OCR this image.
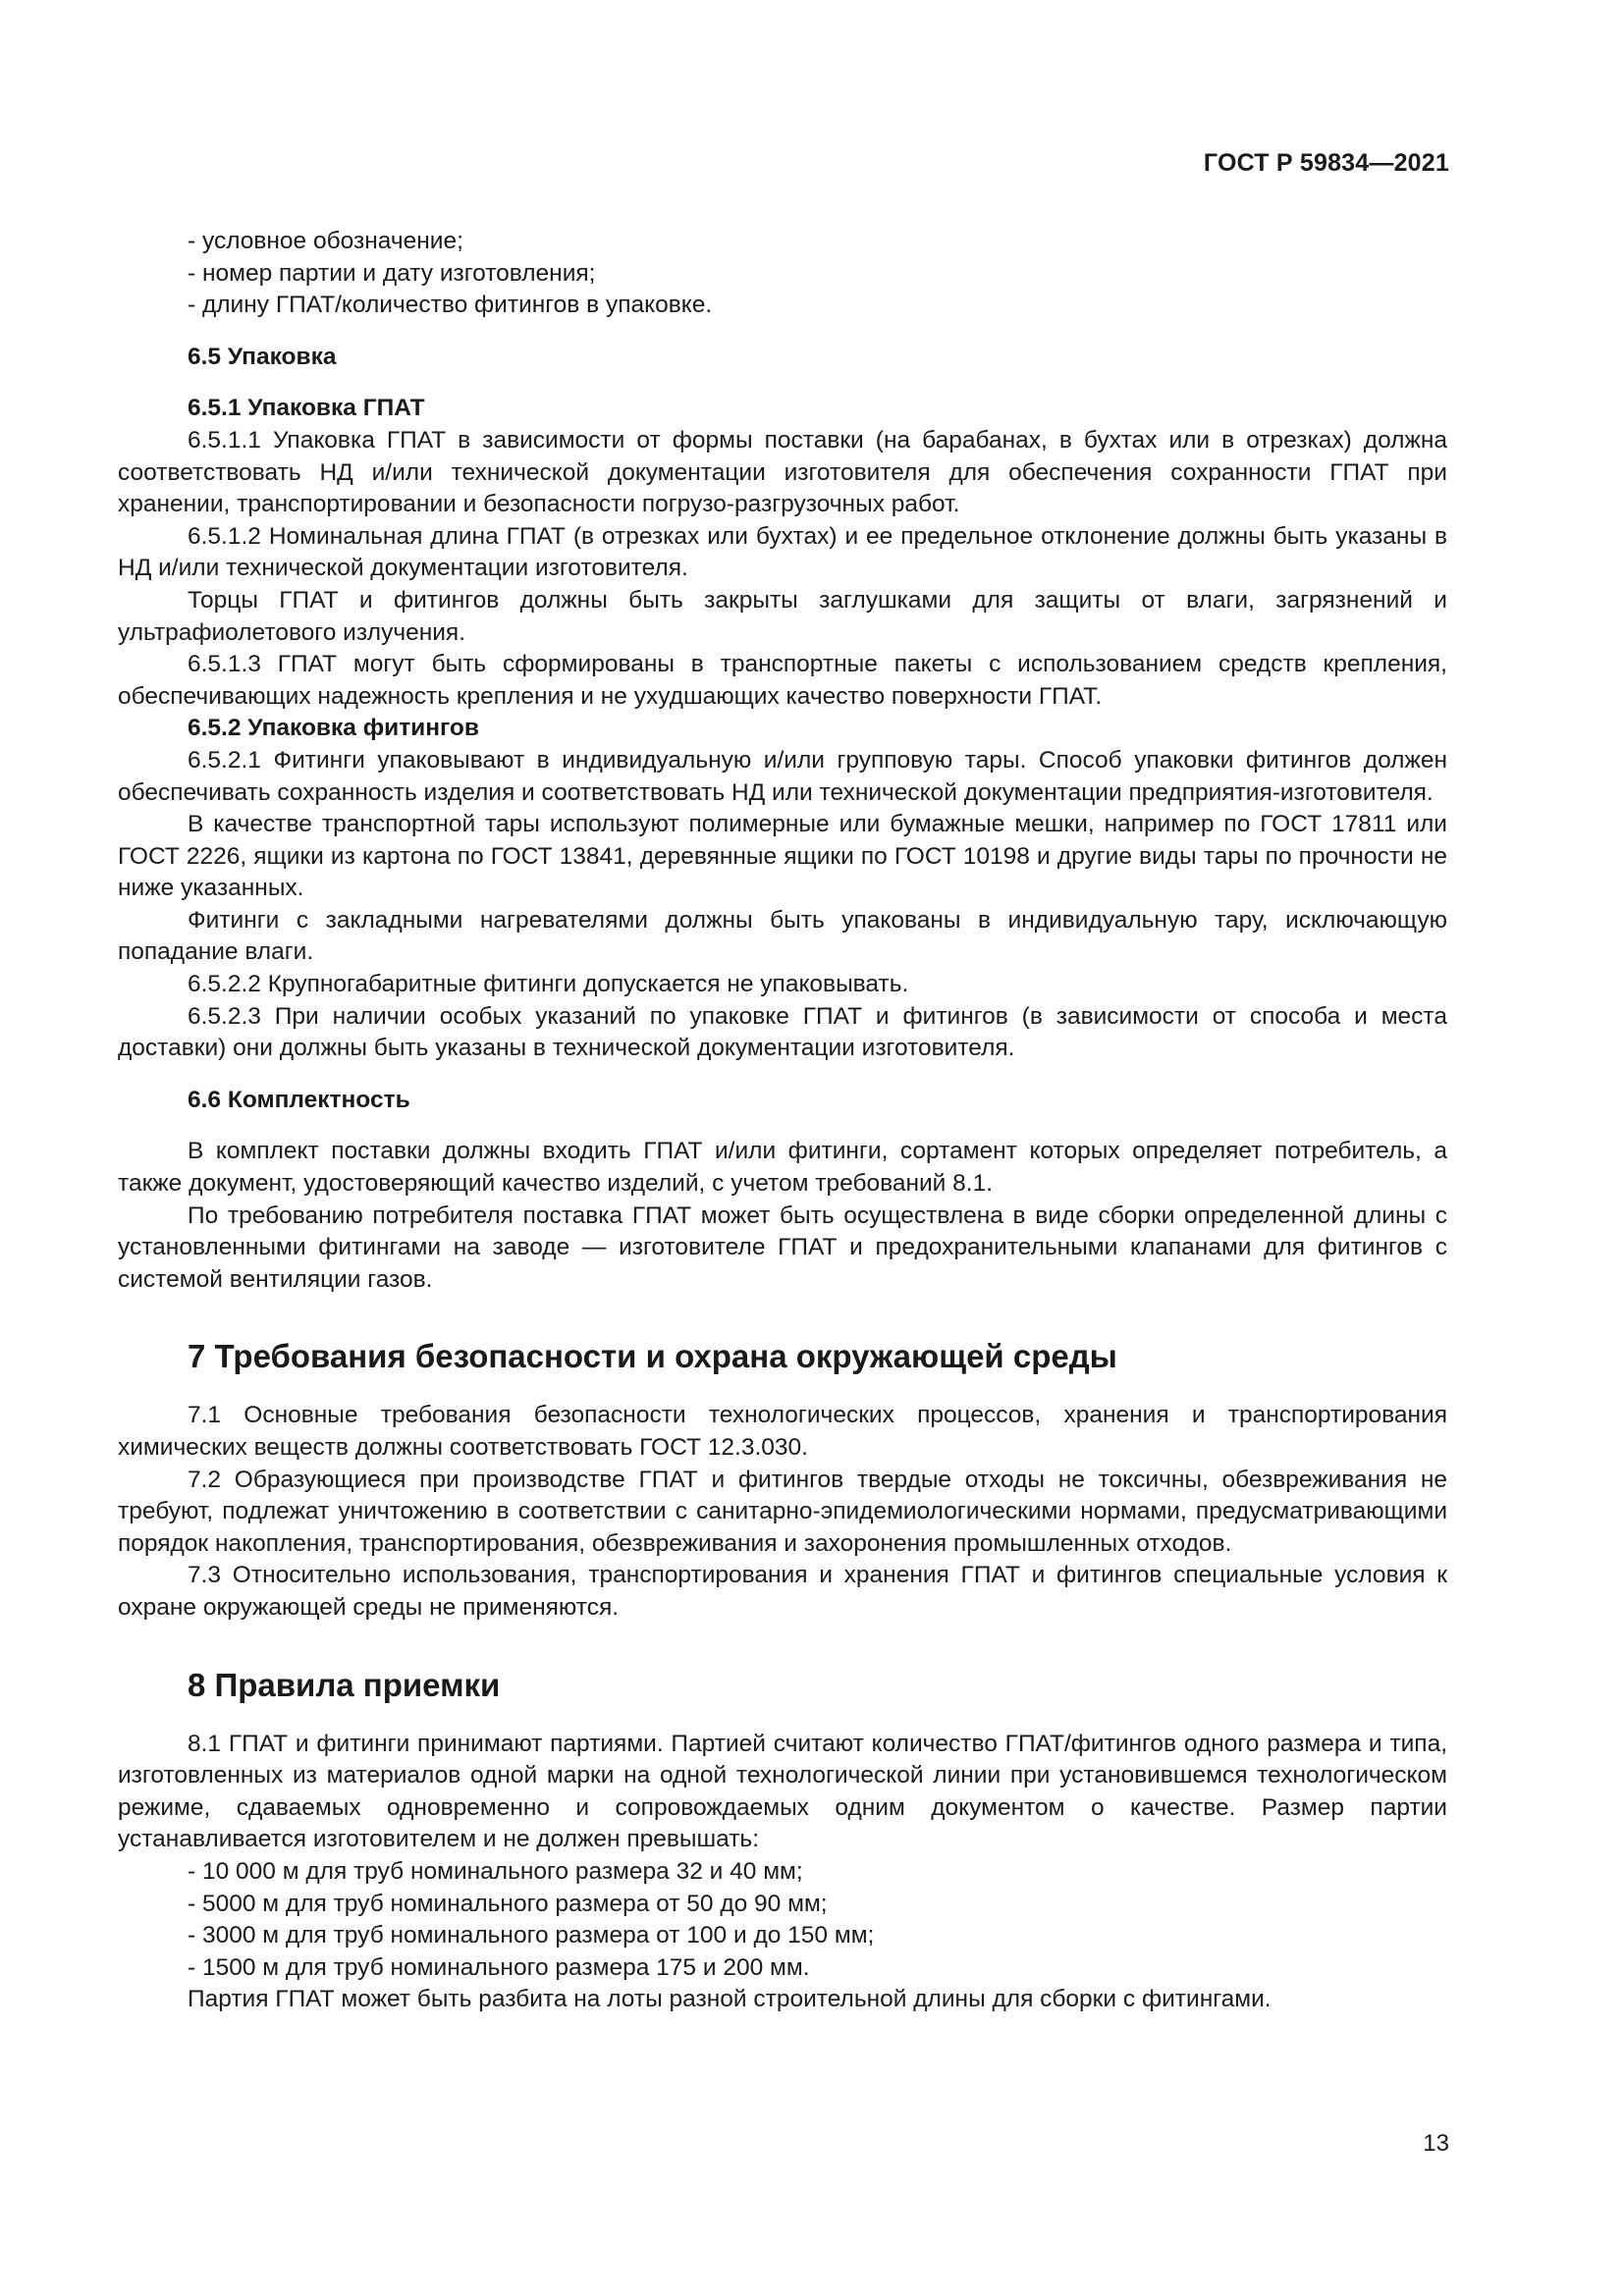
ГОСТ Р 59834—2021

- условное обозначение;

- номер партии и дату изготовления;

- длину ГПАТ/количество фитингов в упаковке.

6.5 Упаковка

6.5.1 Упаковка ГПАТ

6.5.1.1 Упаковка ГПАТ в зависимости от формы поставки (на барабанах, в бухтах или в отрезках) должна соответствовать НД и/или технической документации изготовителя для обеспечения сохранности ГПАТ при хранении, транспортировании и безопасности погрузо-разгрузочных работ.

6.5.1.2 Номинальная длина ГПАТ (в отрезках или бухтах) и ее предельное отклонение должны быть указаны в НД и/или технической документации изготовителя.

Торцы ГПАТ и фитингов должны быть закрыты заглушками для защиты от влаги, загрязнений и ультрафиолетового излучения.

6.5.1.3 ГПАТ могут быть сформированы в транспортные пакеты с использованием средств крепления, обеспечивающих надежность крепления и не ухудшающих качество поверхности ГПАТ.

6.5.2 Упаковка фитингов

6.5.2.1 Фитинги упаковывают в индивидуальную и/или групповую тары. Способ упаковки фитингов должен обеспечивать сохранность изделия и соответствовать НД или технической документации предприятия-изготовителя.

В качестве транспортной тары используют полимерные или бумажные мешки, например по ГОСТ 17811 или ГОСТ 2226, ящики из картона по ГОСТ 13841, деревянные ящики по ГОСТ 10198 и другие виды тары по прочности не ниже указанных.

Фитинги с закладными нагревателями должны быть упакованы в индивидуальную тару, исключающую попадание влаги.

6.5.2.2 Крупногабаритные фитинги допускается не упаковывать.

6.5.2.3 При наличии особых указаний по упаковке ГПАТ и фитингов (в зависимости от способа и места доставки) они должны быть указаны в технической документации изготовителя.

6.6 Комплектность

В комплект поставки должны входить ГПАТ и/или фитинги, сортамент которых определяет потребитель, а также документ, удостоверяющий качество изделий, с учетом требований 8.1.

По требованию потребителя поставка ГПАТ может быть осуществлена в виде сборки определенной длины с установленными фитингами на заводе — изготовителе ГПАТ и предохранительными клапанами для фитингов с системой вентиляции газов.

7 Требования безопасности и охрана окружающей среды

7.1 Основные требования безопасности технологических процессов, хранения и транспортирования химических веществ должны соответствовать ГОСТ 12.3.030.

7.2 Образующиеся при производстве ГПАТ и фитингов твердые отходы не токсичны, обезвреживания не требуют, подлежат уничтожению в соответствии с санитарно-эпидемиологическими нормами, предусматривающими порядок накопления, транспортирования, обезвреживания и захоронения промышленных отходов.

7.3 Относительно использования, транспортирования и хранения ГПАТ и фитингов специальные условия к охране окружающей среды не применяются.

8 Правила приемки

8.1 ГПАТ и фитинги принимают партиями. Партией считают количество ГПАТ/фитингов одного размера и типа, изготовленных из материалов одной марки на одной технологической линии при установившемся технологическом режиме, сдаваемых одновременно и сопровождаемых одним документом о качестве. Размер партии устанавливается изготовителем и не должен превышать:

- 10 000 м для труб номинального размера 32 и 40 мм;

- 5000 м для труб номинального размера от 50 до 90 мм;

- 3000 м для труб номинального размера от 100 и до 150 мм;

- 1500 м для труб номинального размера 175 и 200 мм.

Партия ГПАТ может быть разбита на лоты разной строительной длины для сборки с фитингами.

13
